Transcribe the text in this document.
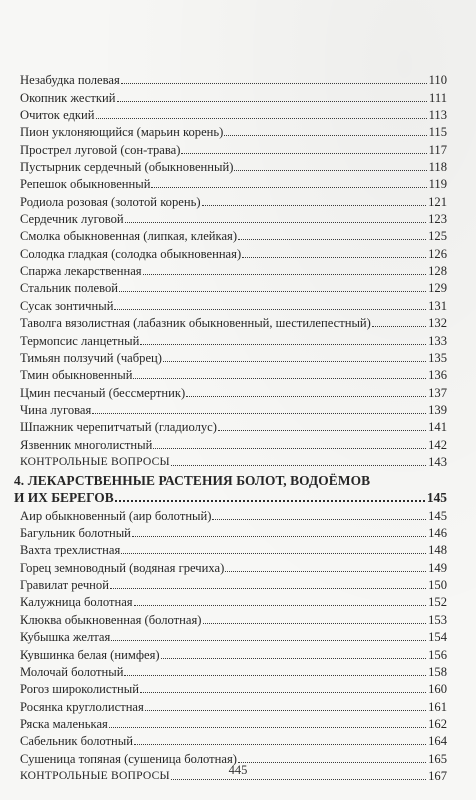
Незабудка полевая	110
Окопник жесткий	111
Очиток едкий	113
Пион уклоняющийся (марьин корень)	115
Прострел луговой (сон-трава)	117
Пустырник сердечный (обыкновенный)	118
Репешок обыкновенный	119
Родиола розовая (золотой корень)	121
Сердечник луговой	123
Смолка обыкновенная (липкая, клейкая)	125
Солодка гладкая (солодка обыкновенная)	126
Спаржа лекарственная	128
Стальник полевой	129
Сусак зонтичный	131
Таволга вязолистная (лабазник обыкновенный, шестилепестный)	132
Термопсис ланцетный	133
Тимьян ползучий (чабрец)	135
Тмин обыкновенный	136
Цмин песчаный (бессмертник)	137
Чина луговая	139
Шпажник черепитчатый (гладиолус)	141
Язвенник многолистный	142
КОНТРОЛЬНЫЕ ВОПРОСЫ	143
4. ЛЕКАРСТВЕННЫЕ РАСТЕНИЯ БОЛОТ, ВОДОЁМОВ
И ИХ БЕРЕГОВ	145
Аир обыкновенный (аир болотный)	145
Багульник болотный	146
Вахта трехлистная	148
Горец земноводный (водяная гречиха)	149
Гравилат речной	150
Калужница болотная	152
Клюква обыкновенная (болотная)	153
Кубышка желтая	154
Кувшинка белая (нимфея)	156
Молочай болотный	158
Рогоз широколистный	160
Росянка круглолистная	161
Ряска маленькая	162
Сабельник болотный	164
Сушеница топяная (сушеница болотная)	165
КОНТРОЛЬНЫЕ ВОПРОСЫ	167
445
